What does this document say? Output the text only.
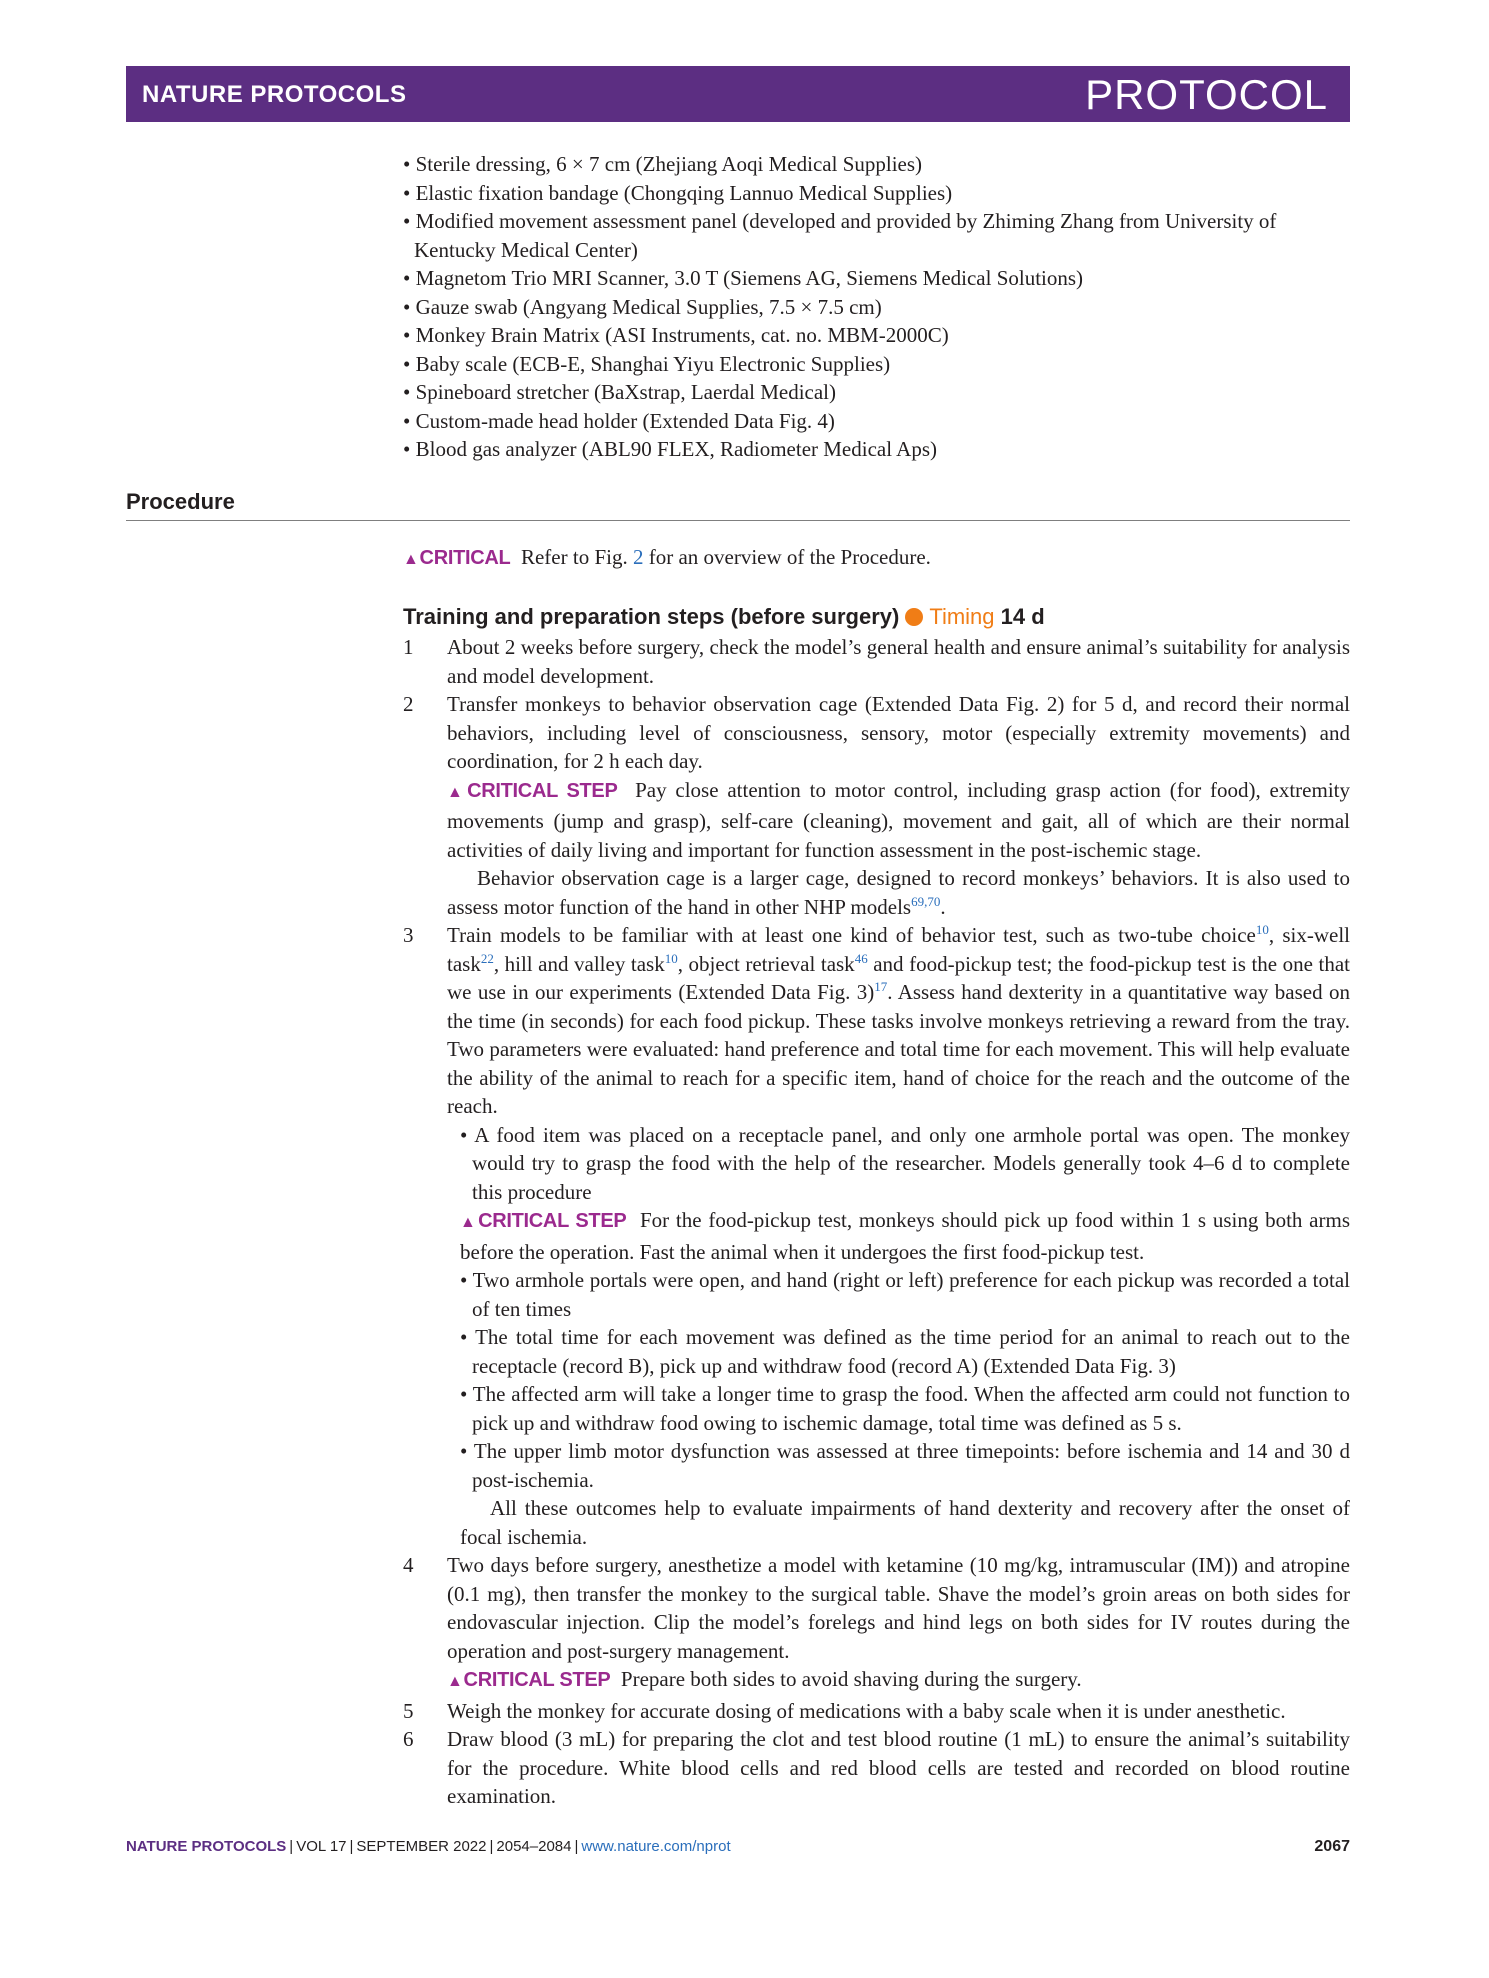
NATURE PROTOCOLS	PROTOCOL
• Sterile dressing, 6 × 7 cm (Zhejiang Aoqi Medical Supplies)
• Elastic fixation bandage (Chongqing Lannuo Medical Supplies)
• Modified movement assessment panel (developed and provided by Zhiming Zhang from University of Kentucky Medical Center)
• Magnetom Trio MRI Scanner, 3.0 T (Siemens AG, Siemens Medical Solutions)
• Gauze swab (Angyang Medical Supplies, 7.5 × 7.5 cm)
• Monkey Brain Matrix (ASI Instruments, cat. no. MBM-2000C)
• Baby scale (ECB-E, Shanghai Yiyu Electronic Supplies)
• Spineboard stretcher (BaXstrap, Laerdal Medical)
• Custom-made head holder (Extended Data Fig. 4)
• Blood gas analyzer (ABL90 FLEX, Radiometer Medical Aps)
Procedure
▲CRITICAL Refer to Fig. 2 for an overview of the Procedure.
Training and preparation steps (before surgery) Timing 14 d
1 About 2 weeks before surgery, check the model’s general health and ensure animal’s suitability for analysis and model development.
2 Transfer monkeys to behavior observation cage (Extended Data Fig. 2) for 5 d, and record their normal behaviors, including level of consciousness, sensory, motor (especially extremity movements) and coordination, for 2 h each day.
▲CRITICAL STEP Pay close attention to motor control, including grasp action (for food), extremity movements (jump and grasp), self-care (cleaning), movement and gait, all of which are their normal activities of daily living and important for function assessment in the post-ischemic stage.
Behavior observation cage is a larger cage, designed to record monkeys’ behaviors. It is also used to assess motor function of the hand in other NHP models$^{69,70}$.
3 Train models to be familiar with at least one kind of behavior test, such as two-tube choice$^{10}$, six-well task$^{22}$, hill and valley task$^{10}$, object retrieval task$^{46}$ and food-pickup test; the food-pickup test is the one that we use in our experiments (Extended Data Fig. 3)$^{17}$. Assess hand dexterity in a quantitative way based on the time (in seconds) for each food pickup. These tasks involve monkeys retrieving a reward from the tray. Two parameters were evaluated: hand preference and total time for each movement. This will help evaluate the ability of the animal to reach for a specific item, hand of choice for the reach and the outcome of the reach.
• A food item was placed on a receptacle panel, and only one armhole portal was open. The monkey would try to grasp the food with the help of the researcher. Models generally took 4–6 d to complete this procedure
▲CRITICAL STEP For the food-pickup test, monkeys should pick up food within 1 s using both arms before the operation. Fast the animal when it undergoes the first food-pickup test.
• Two armhole portals were open, and hand (right or left) preference for each pickup was recorded a total of ten times
• The total time for each movement was defined as the time period for an animal to reach out to the receptacle (record B), pick up and withdraw food (record A) (Extended Data Fig. 3)
• The affected arm will take a longer time to grasp the food. When the affected arm could not function to pick up and withdraw food owing to ischemic damage, total time was defined as 5 s.
• The upper limb motor dysfunction was assessed at three timepoints: before ischemia and 14 and 30 d post-ischemia.
All these outcomes help to evaluate impairments of hand dexterity and recovery after the onset of focal ischemia.
4 Two days before surgery, anesthetize a model with ketamine (10 mg/kg, intramuscular (IM)) and atropine (0.1 mg), then transfer the monkey to the surgical table. Shave the model’s groin areas on both sides for endovascular injection. Clip the model’s forelegs and hind legs on both sides for IV routes during the operation and post-surgery management.
▲CRITICAL STEP Prepare both sides to avoid shaving during the surgery.
5 Weigh the monkey for accurate dosing of medications with a baby scale when it is under anesthetic.
6 Draw blood (3 mL) for preparing the clot and test blood routine (1 mL) to ensure the animal’s suitability for the procedure. White blood cells and red blood cells are tested and recorded on blood routine examination.
NATURE PROTOCOLS | VOL 17 | SEPTEMBER 2022 | 2054–2084 | www.nature.com/nprot	2067
